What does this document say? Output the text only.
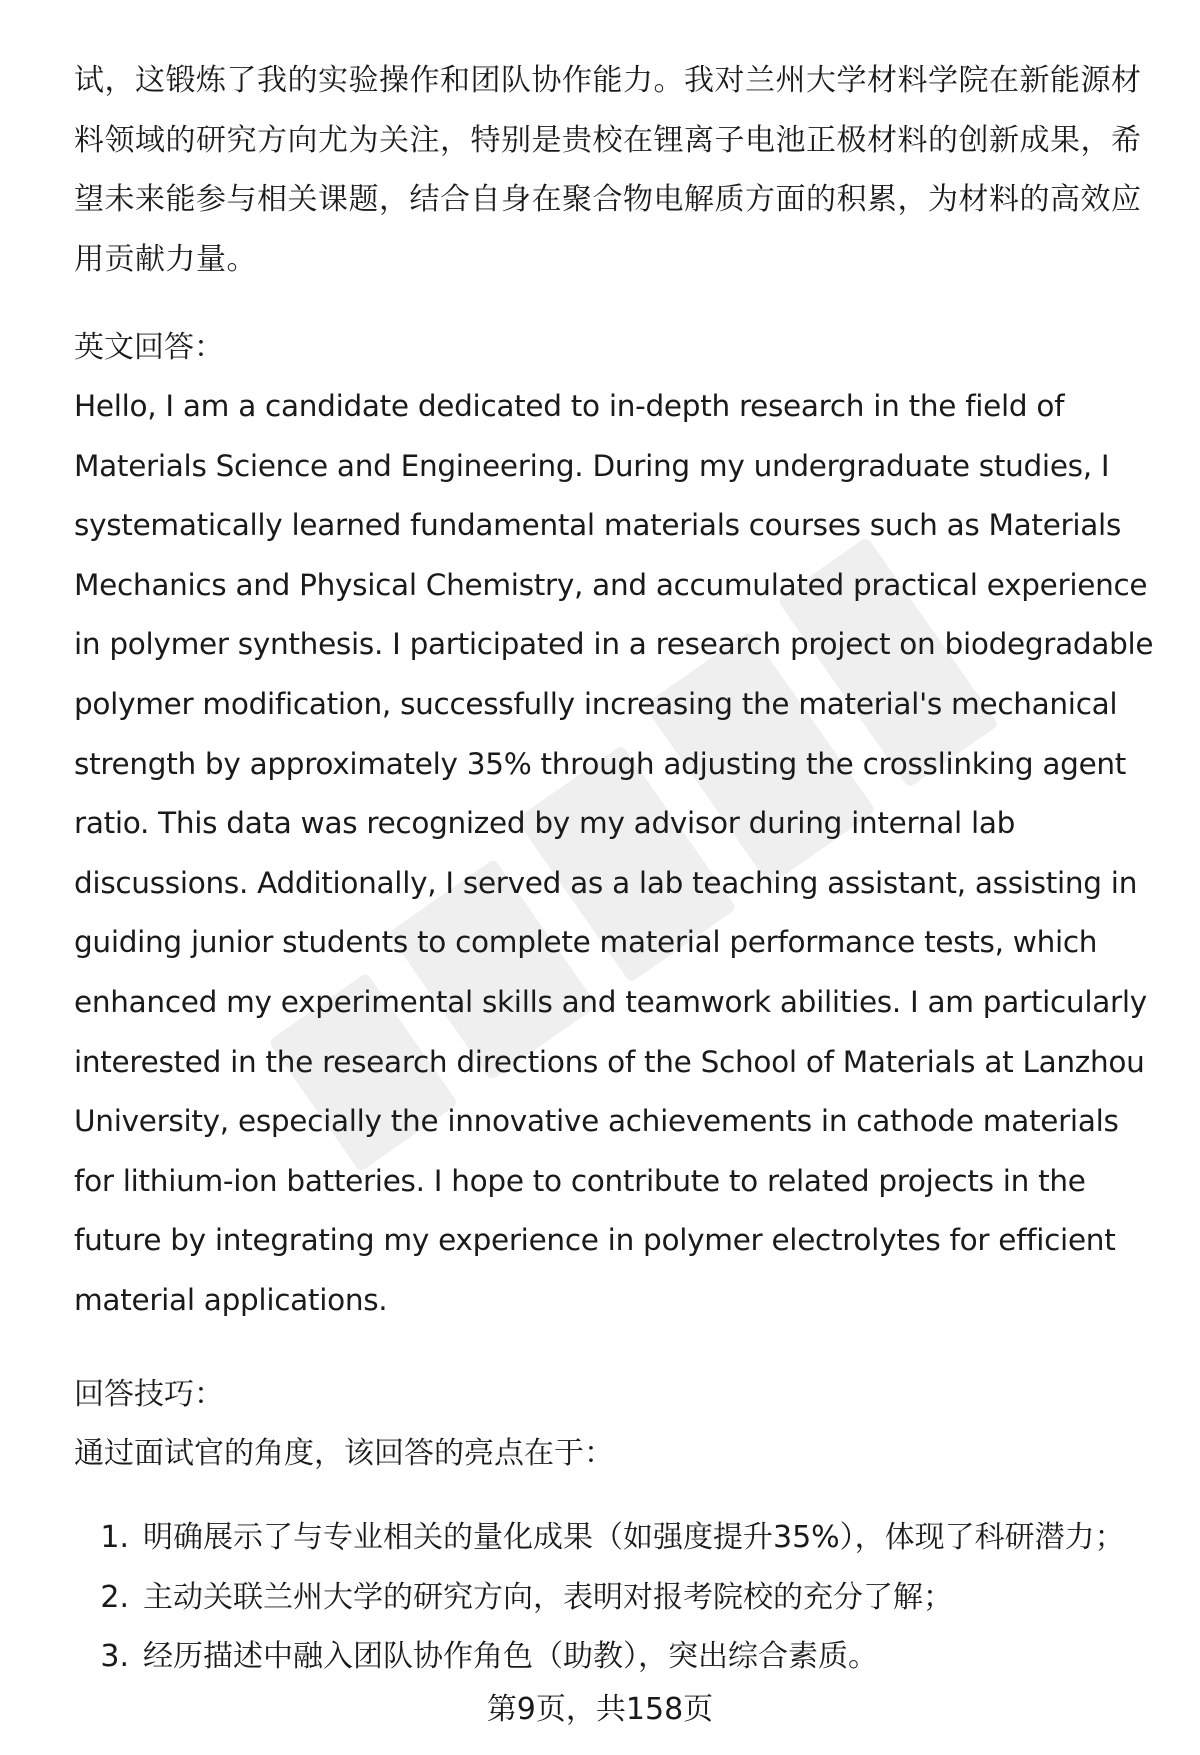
试，这锻炼了我的实验操作和团队协作能力。我对兰州大学材料学院在新能源材料领域的研究方向尤为关注，特别是贵校在锂离子电池正极材料的创新成果，希望未来能参与相关课题，结合自身在聚合物电解质方面的积累，为材料的高效应用贡献力量。

英文回答：

Hello, I am a candidate dedicated to in-depth research in the field of Materials Science and Engineering. During my undergraduate studies, I systematically learned fundamental materials courses such as Materials Mechanics and Physical Chemistry, and accumulated practical experience in polymer synthesis. I participated in a research project on biodegradable polymer modification, successfully increasing the material's mechanical strength by approximately 35% through adjusting the crosslinking agent ratio. This data was recognized by my advisor during internal lab discussions. Additionally, I served as a lab teaching assistant, assisting in guiding junior students to complete material performance tests, which enhanced my experimental skills and teamwork abilities. I am particularly interested in the research directions of the School of Materials at Lanzhou University, especially the innovative achievements in cathode materials for lithium-ion batteries. I hope to contribute to related projects in the future by integrating my experience in polymer electrolytes for efficient material applications.

回答技巧：

通过面试官的角度，该回答的亮点在于：

1. 明确展示了与专业相关的量化成果（如强度提升35%），体现了科研潜力；
2. 主动关联兰州大学的研究方向，表明对报考院校的充分了解；
3. 经历描述中融入团队协作角色（助教），突出综合素质。
第9页，共158页
